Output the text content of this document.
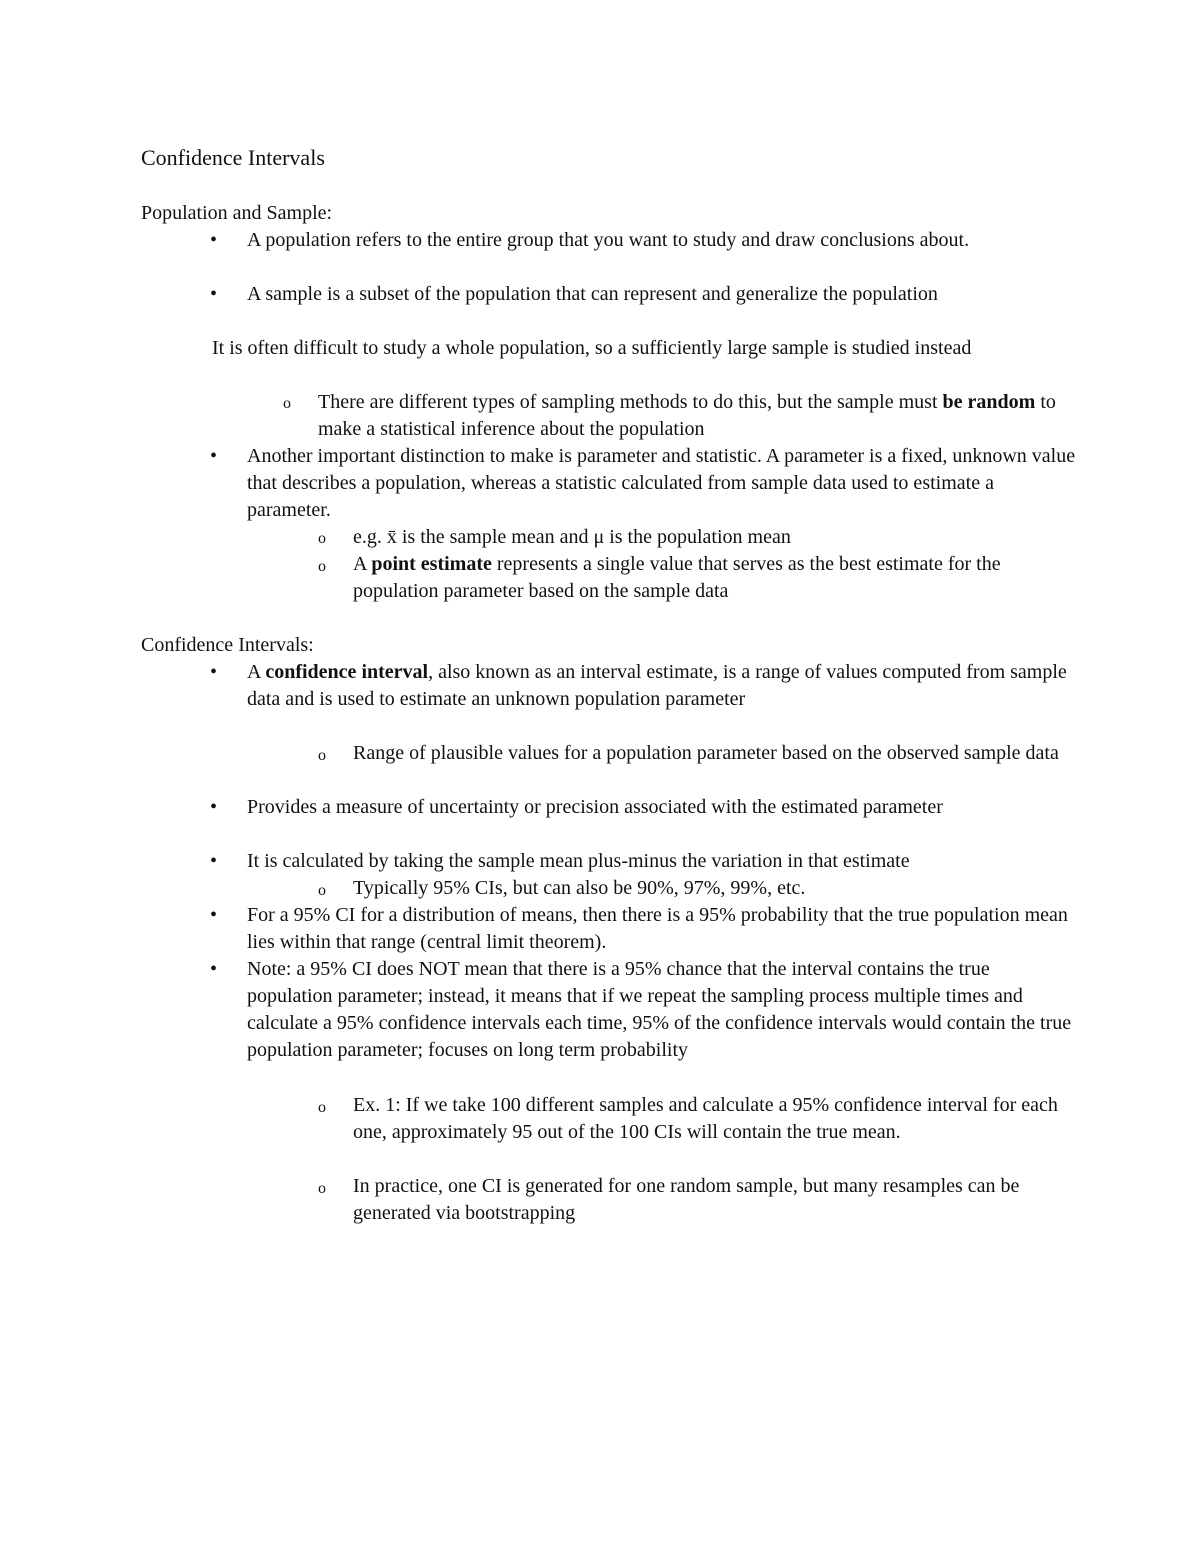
Confidence Intervals
Population and Sample:
• A population refers to the entire group that you want to study and draw conclusions about.

• A sample is a subset of the population that can represent and generalize the population

It is often difficult to study a whole population, so a sufficiently large sample is studied instead

o There are different types of sampling methods to do this, but the sample must be random to make a statistical inference about the population

• Another important distinction to make is parameter and statistic. A parameter is a fixed, unknown value that describes a population, whereas a statistic calculated from sample data used to estimate a parameter.

o e.g. x̄ is the sample mean and μ is the population mean

o A point estimate represents a single value that serves as the best estimate for the population parameter based on the sample data

Confidence Intervals:
• A confidence interval, also known as an interval estimate, is a range of values computed from sample data and is used to estimate an unknown population parameter

o Range of plausible values for a population parameter based on the observed sample data

• Provides a measure of uncertainty or precision associated with the estimated parameter

• It is calculated by taking the sample mean plus-minus the variation in that estimate

o Typically 95% CIs, but can also be 90%, 97%, 99%, etc.

• For a 95% CI for a distribution of means, then there is a 95% probability that the true population mean lies within that range (central limit theorem).

• Note: a 95% CI does NOT mean that there is a 95% chance that the interval contains the true population parameter; instead, it means that if we repeat the sampling process multiple times and calculate a 95% confidence intervals each time, 95% of the confidence intervals would contain the true population parameter; focuses on long term probability

o Ex. 1: If we take 100 different samples and calculate a 95% confidence interval for each one, approximately 95 out of the 100 CIs will contain the true mean.

o In practice, one CI is generated for one random sample, but many resamples can be generated via bootstrapping
